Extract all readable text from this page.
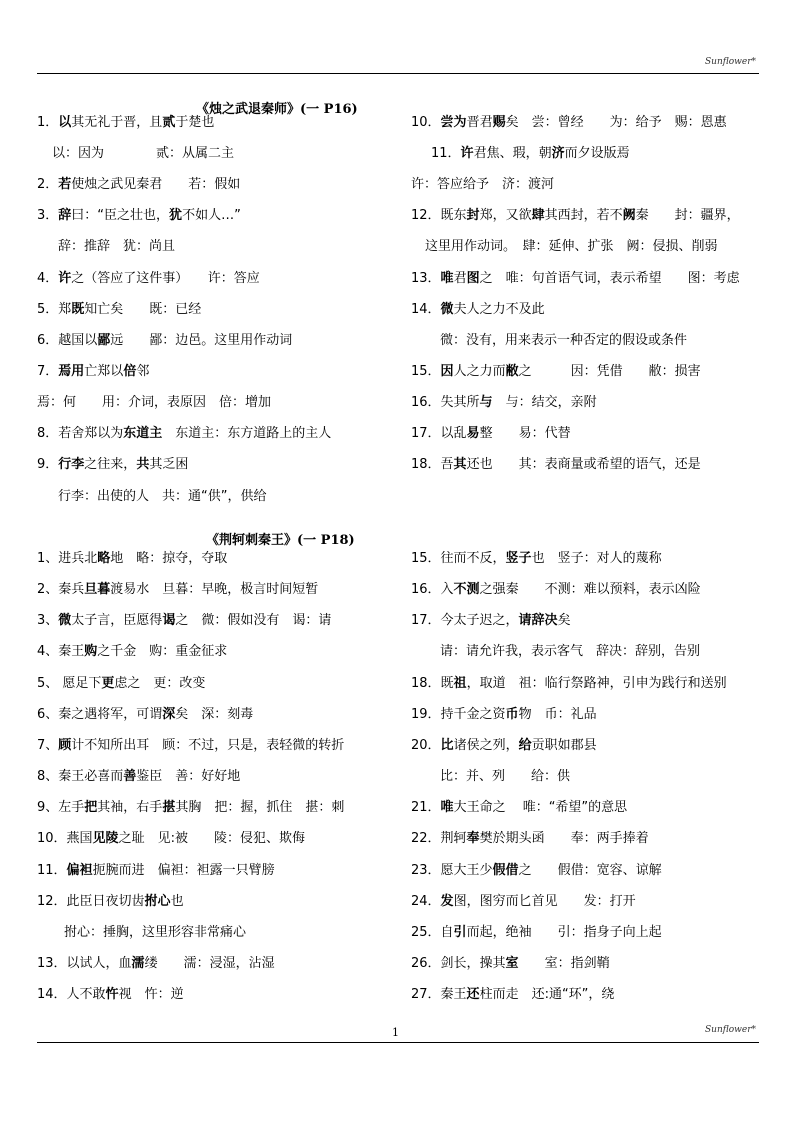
Sunflower*
《烛之武退秦师》(一 P16)
《荆轲刺秦王》(一 P18)
1．以其无礼于晋，且贰于楚也
以：因为　　　　贰：从属二主
2．若使烛之武见秦君　　若：假如
3．辞曰：“臣之壮也，犹不如人…”
辞：推辞　犹：尚且
4．许之（答应了这件事）　　许：答应
5．郑既知亡矣　　既：已经
6．越国以鄙远　　鄙：边邑。这里用作动词
7．焉用亡郑以倍邻
焉：何　　用：介词，表原因　倍：增加
8．若舍郑以为东道主　东道主：东方道路上的主人
9．行李之往来，共其乏困
行李：出使的人　共：通“供”，供给
10．尝为晋君赐矣　尝：曾经　　为：给予　赐：恩惠
11．许君焦、瑕，朝济而夕设版焉
许：答应给予　济：渡河
12．既东封郑，又欲肆其西封，若不阙秦　　封：疆界，
这里用作动词。　肆：延伸、扩张　阙：侵损、削弱
13．唯君图之　唯：句首语气词，表示希望　　图：考虑
14．微夫人之力不及此
微：没有，用来表示一种否定的假设或条件
15．因人之力而敝之　　　因：凭借　　敝：损害
16．失其所与　与：结交，亲附
17．以乱易整　　易：代替
18．吾其还也　　其：表商量或希望的语气，还是
1、进兵北略地　略：掠夺，夺取
2、秦兵旦暮渡易水　旦暮：早晚，极言时间短暂
3、微太子言，臣愿得谒之　微：假如没有　谒：请
4、秦王购之千金　购：重金征求
5、 愿足下更虑之　更：改变
6、秦之遇将军，可谓深矣　深：刻毒
7、顾计不知所出耳　顾：不过，只是，表轻微的转折
8、秦王必喜而善鉴臣　善：好好地
9、左手把其袖，右手揕其胸　把：握，抓住　揕：刺
10．燕国见陵之耻　见:被　　陵：侵犯、欺侮
11．偏袒扼腕而进　偏袒：袒露一只臂膀
12．此臣日夜切齿拊心也
拊心：捶胸，这里形容非常痛心
13．以试人，血濡缕　　濡：浸湿，沾湿
14．人不敢忤视　忤：逆
15．往而不反，竖子也　竖子：对人的蔑称
16．入不测之强秦　　不测：难以预料，表示凶险
17．今太子迟之，请辞决矣
请：请允许我，表示客气　辞决：辞别，告别
18．既祖，取道　祖：临行祭路神，引申为践行和送别
19．持千金之资币物　币：礼品
20．比诸侯之列，给贡职如郡县
比：并、列　　给：供
21．唯大王命之　 唯：“希望”的意思
22．荆轲奉樊於期头函　　奉：两手捧着
23．愿大王少假借之　　假借：宽容、谅解
24．发图，图穷而匕首见　　发：打开
25．自引而起，绝袖　　引：指身子向上起
26．剑长，操其室　　室：指剑鞘
27．秦王还柱而走　还:通“环”，绕
1	Sunflower*
